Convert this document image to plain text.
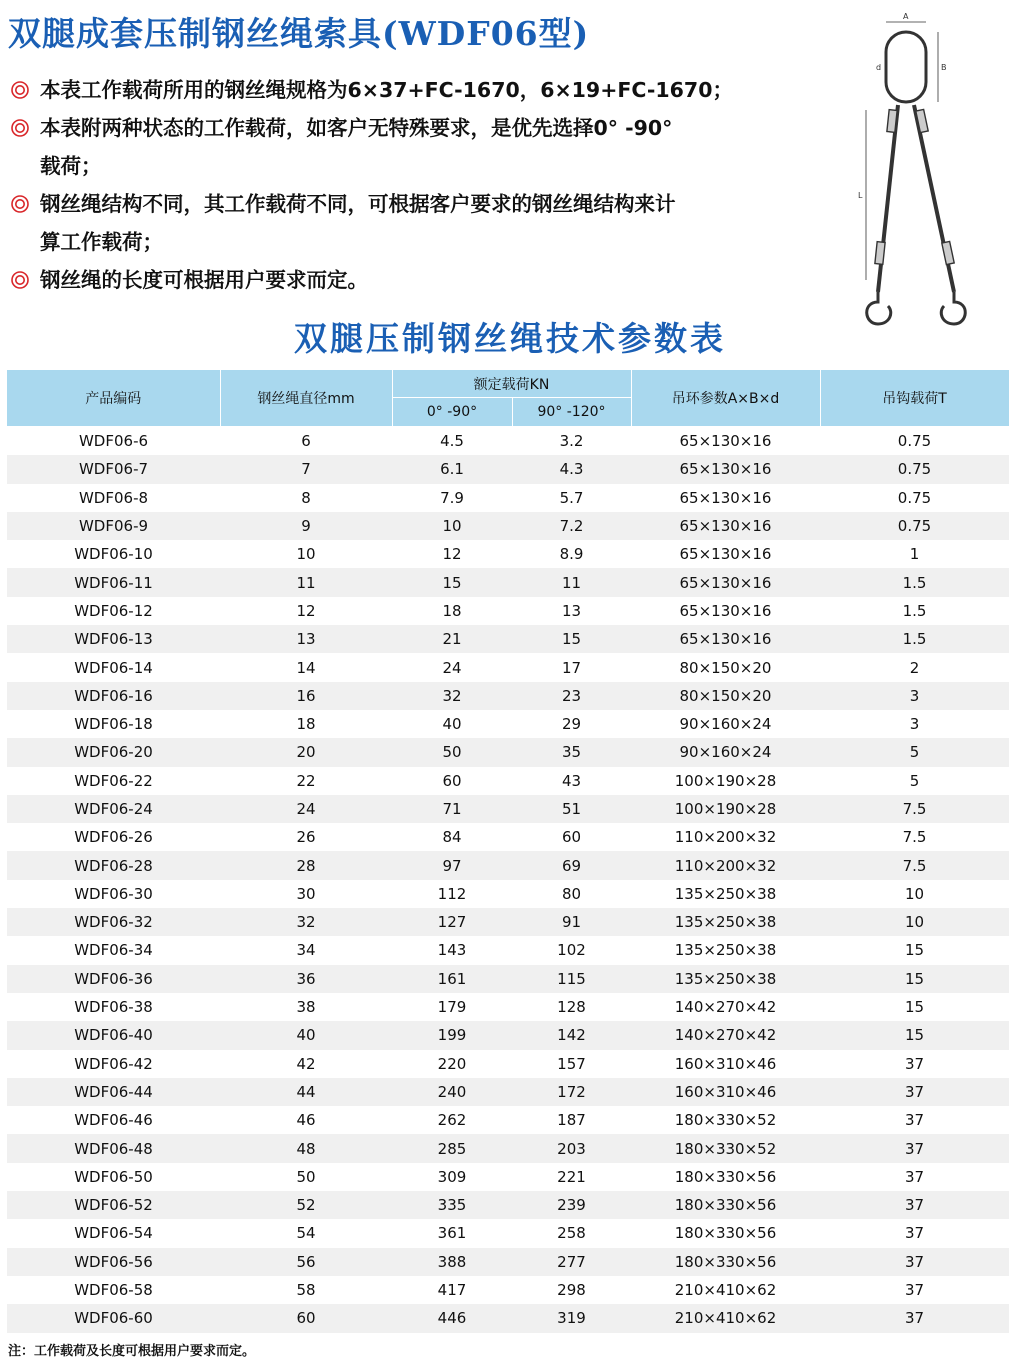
双腿成套压制钢丝绳索具(WDF06型)
本表工作载荷所用的钢丝绳规格为6×37+FC-1670，6×19+FC-1670；
本表附两种状态的工作载荷，如客户无特殊要求，是优先选择0° -90°
载荷；
钢丝绳结构不同，其工作载荷不同，可根据客户要求的钢丝绳结构来计
算工作载荷；
钢丝绳的长度可根据用户要求而定。
A
B
d
L
双腿压制钢丝绳技术参数表
产品编码	钢丝绳直径mm	额定载荷KN		吊环参数A×B×d	吊钩载荷T
		0° -90°	90° -120°		
WDF06-6	6	4.5	3.2	65×130×16	0.75
WDF06-7	7	6.1	4.3	65×130×16	0.75
WDF06-8	8	7.9	5.7	65×130×16	0.75
WDF06-9	9	10	7.2	65×130×16	0.75
WDF06-10	10	12	8.9	65×130×16	1
WDF06-11	11	15	11	65×130×16	1.5
WDF06-12	12	18	13	65×130×16	1.5
WDF06-13	13	21	15	65×130×16	1.5
WDF06-14	14	24	17	80×150×20	2
WDF06-16	16	32	23	80×150×20	3
WDF06-18	18	40	29	90×160×24	3
WDF06-20	20	50	35	90×160×24	5
WDF06-22	22	60	43	100×190×28	5
WDF06-24	24	71	51	100×190×28	7.5
WDF06-26	26	84	60	110×200×32	7.5
WDF06-28	28	97	69	110×200×32	7.5
WDF06-30	30	112	80	135×250×38	10
WDF06-32	32	127	91	135×250×38	10
WDF06-34	34	143	102	135×250×38	15
WDF06-36	36	161	115	135×250×38	15
WDF06-38	38	179	128	140×270×42	15
WDF06-40	40	199	142	140×270×42	15
WDF06-42	42	220	157	160×310×46	37
WDF06-44	44	240	172	160×310×46	37
WDF06-46	46	262	187	180×330×52	37
WDF06-48	48	285	203	180×330×52	37
WDF06-50	50	309	221	180×330×56	37
WDF06-52	52	335	239	180×330×56	37
WDF06-54	54	361	258	180×330×56	37
WDF06-56	56	388	277	180×330×56	37
WDF06-58	58	417	298	210×410×62	37
WDF06-60	60	446	319	210×410×62	37
注：工作载荷及长度可根据用户要求而定。
